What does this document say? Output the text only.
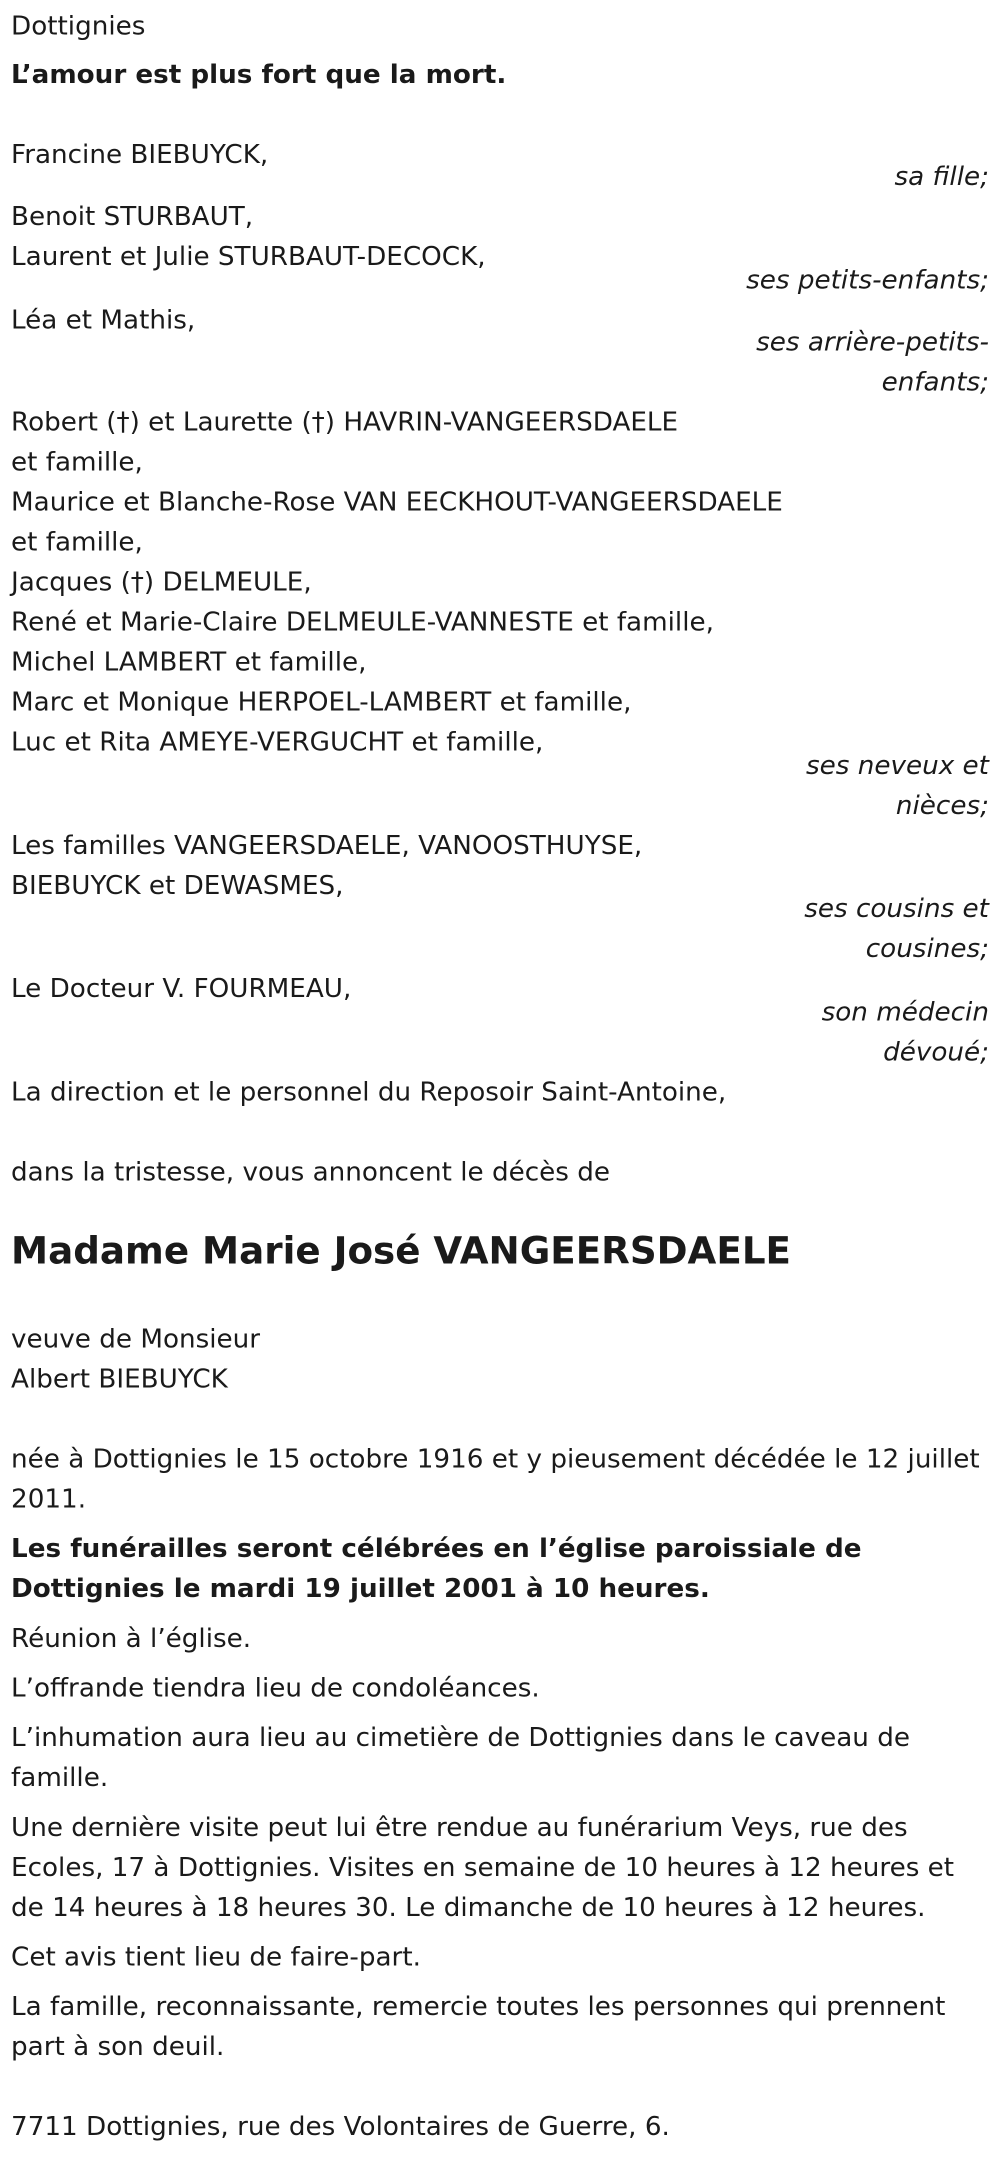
Dottignies
L’amour est plus fort que la mort.
Francine BIEBUYCK,
sa fille;
Benoit STURBAUT,
Laurent et Julie STURBAUT-DECOCK,
ses petits-enfants;
Léa et Mathis,
ses arrière-petits-
enfants;
Robert (†) et Laurette (†) HAVRIN-VANGEERSDAELE
et famille,
Maurice et Blanche-Rose VAN EECKHOUT-VANGEERSDAELE
et famille,
Jacques (†) DELMEULE,
René et Marie-Claire DELMEULE-VANNESTE et famille,
Michel LAMBERT et famille,
Marc et Monique HERPOEL-LAMBERT et famille,
Luc et Rita AMEYE-VERGUCHT et famille,
ses neveux et
nièces;
Les familles VANGEERSDAELE, VANOOSTHUYSE,
BIEBUYCK et DEWASMES,
ses cousins et
cousines;
Le Docteur V. FOURMEAU,
son médecin
dévoué;
La direction et le personnel du Reposoir Saint-Antoine,
dans la tristesse, vous annoncent le décès de
Madame Marie José VANGEERSDAELE
veuve de Monsieur
Albert BIEBUYCK
née à Dottignies le 15 octobre 1916 et y pieusement décédée le 12 juillet 2011.
Les funérailles seront célébrées en l’église paroissiale de Dottignies le mardi 19 juillet 2001 à 10 heures.
Réunion à l’église.
L’offrande tiendra lieu de condoléances.
L’inhumation aura lieu au cimetière de Dottignies dans le caveau de famille.
Une dernière visite peut lui être rendue au funérarium Veys, rue des Ecoles, 17 à Dottignies. Visites en semaine de 10 heures à 12 heures et de 14 heures à 18 heures 30. Le dimanche de 10 heures à 12 heures.
Cet avis tient lieu de faire-part.
La famille, reconnaissante, remercie toutes les personnes qui prennent part à son deuil.
7711 Dottignies, rue des Volontaires de Guerre, 6.
